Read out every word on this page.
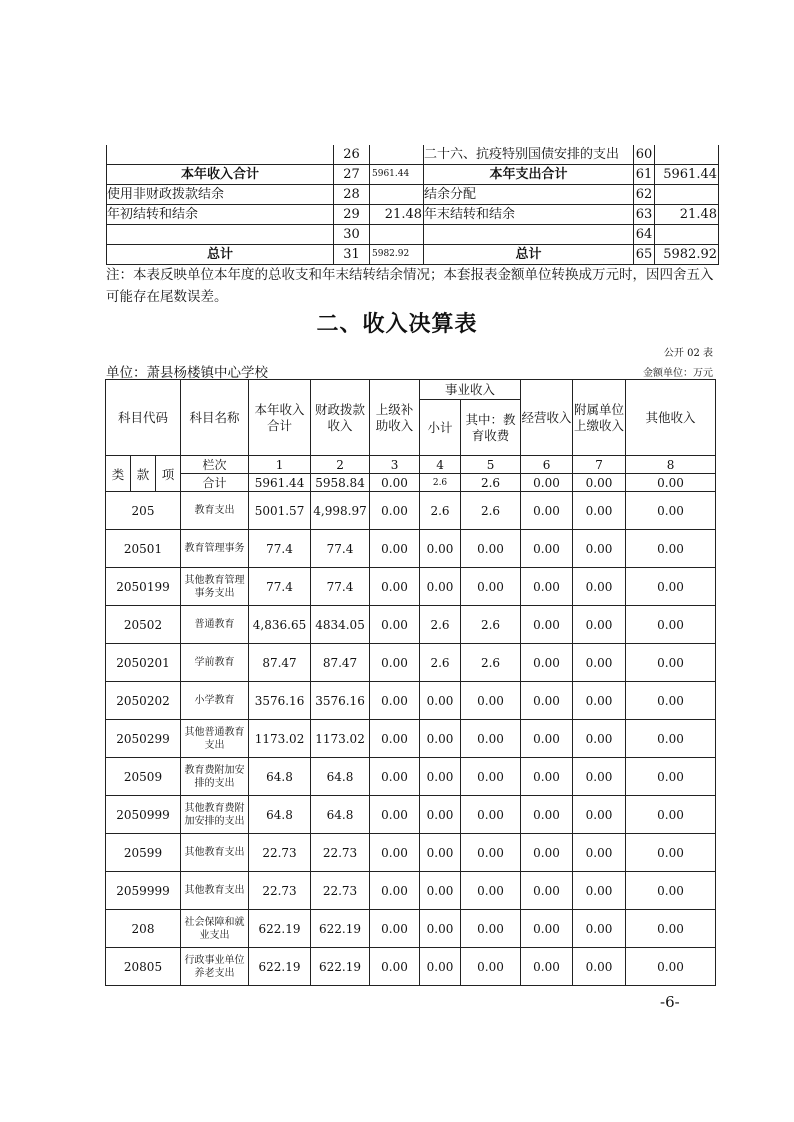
	26		二十六、抗疫特别国债安排的支出	60	
本年收入合计	27	5961.44	本年支出合计	61	5961.44
使用非财政拨款结余	28		结余分配	62	
年初结转和结余	29	21.48	年末结转和结余	63	21.48
	30			64	
总计	31	5982.92	总计	65	5982.92
注：本表反映单位本年度的总收支和年末结转结余情况；本套报表金额单位转换成万元时，因四舍五入可能存在尾数误差。
二、收入决算表
公开 02 表
单位：萧县杨楼镇中心学校	金额单位：万元
科目代码			科目名称	本年收入合计	财政拨款收入	上级补助收入	事业收入		经营收入	附属单位上缴收入	其他收入
							小计	其中：教育收费			
类	款	项	栏次	1	2	3	4	5	6	7	8
			合计	5961.44	5958.84	0.00	2.6	2.6	0.00	0.00	0.00
205			教育支出	5001.57	4,998.97	0.00	2.6	2.6	0.00	0.00	0.00
20501			教育管理事务	77.4	77.4	0.00	0.00	0.00	0.00	0.00	0.00
2050199			其他教育管理事务支出	77.4	77.4	0.00	0.00	0.00	0.00	0.00	0.00
20502			普通教育	4,836.65	4834.05	0.00	2.6	2.6	0.00	0.00	0.00
2050201			学前教育	87.47	87.47	0.00	2.6	2.6	0.00	0.00	0.00
2050202			小学教育	3576.16	3576.16	0.00	0.00	0.00	0.00	0.00	0.00
2050299			其他普通教育支出	1173.02	1173.02	0.00	0.00	0.00	0.00	0.00	0.00
20509			教育费附加安排的支出	64.8	64.8	0.00	0.00	0.00	0.00	0.00	0.00
2050999			其他教育费附加安排的支出	64.8	64.8	0.00	0.00	0.00	0.00	0.00	0.00
20599			其他教育支出	22.73	22.73	0.00	0.00	0.00	0.00	0.00	0.00
2059999			其他教育支出	22.73	22.73	0.00	0.00	0.00	0.00	0.00	0.00
208			社会保障和就业支出	622.19	622.19	0.00	0.00	0.00	0.00	0.00	0.00
20805			行政事业单位养老支出	622.19	622.19	0.00	0.00	0.00	0.00	0.00	0.00
-6-
